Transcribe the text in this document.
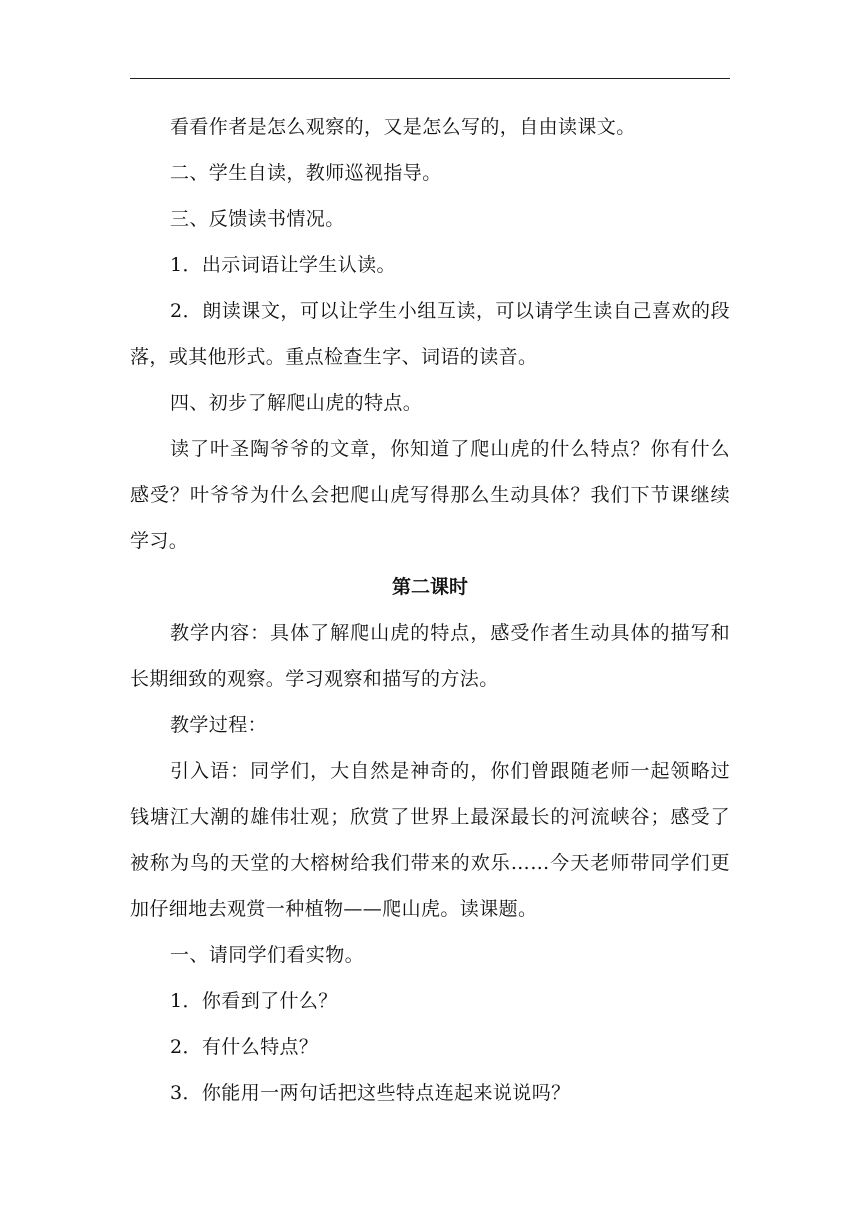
看看作者是怎么观察的，又是怎么写的，自由读课文。

二、学生自读，教师巡视指导。

三、反馈读书情况。

1．出示词语让学生认读。

2．朗读课文，可以让学生小组互读，可以请学生读自己喜欢的段落，或其他形式。重点检查生字、词语的读音。

四、初步了解爬山虎的特点。

读了叶圣陶爷爷的文章，你知道了爬山虎的什么特点？你有什么感受？叶爷爷为什么会把爬山虎写得那么生动具体？我们下节课继续学习。

第二课时

教学内容：具体了解爬山虎的特点，感受作者生动具体的描写和长期细致的观察。学习观察和描写的方法。

教学过程：

引入语：同学们，大自然是神奇的，你们曾跟随老师一起领略过钱塘江大潮的雄伟壮观；欣赏了世界上最深最长的河流峡谷；感受了被称为鸟的天堂的大榕树给我们带来的欢乐……今天老师带同学们更加仔细地去观赏一种植物——爬山虎。读课题。

一、请同学们看实物。

1．你看到了什么？

2．有什么特点？

3．你能用一两句话把这些特点连起来说说吗？
